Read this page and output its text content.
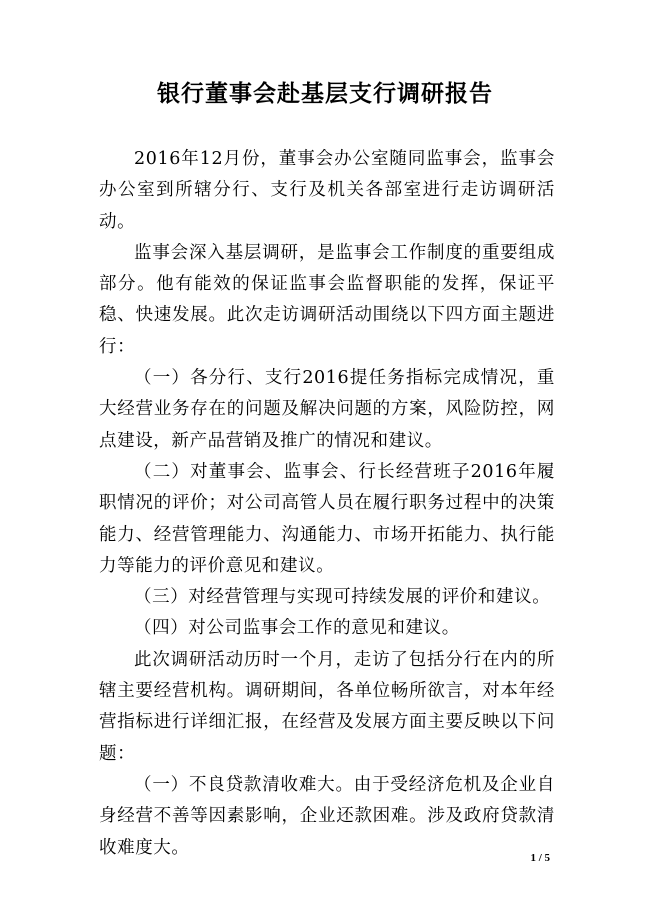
银行董事会赴基层支行调研报告

2016年12月份，董事会办公室随同监事会，监事会办公室到所辖分行、支行及机关各部室进行走访调研活动。

监事会深入基层调研，是监事会工作制度的重要组成部分。他有能效的保证监事会监督职能的发挥，保证平稳、快速发展。此次走访调研活动围绕以下四方面主题进行：

（一）各分行、支行2016提任务指标完成情况，重大经营业务存在的问题及解决问题的方案，风险防控，网点建设，新产品营销及推广的情况和建议。

（二）对董事会、监事会、行长经营班子2016年履职情况的评价；对公司高管人员在履行职务过程中的决策能力、经营管理能力、沟通能力、市场开拓能力、执行能力等能力的评价意见和建议。

（三）对经营管理与实现可持续发展的评价和建议。

（四）对公司监事会工作的意见和建议。

此次调研活动历时一个月，走访了包括分行在内的所辖主要经营机构。调研期间，各单位畅所欲言，对本年经营指标进行详细汇报，在经营及发展方面主要反映以下问题：

（一）不良贷款清收难大。由于受经济危机及企业自身经营不善等因素影响，企业还款困难。涉及政府贷款清收难度大。

1 / 5
